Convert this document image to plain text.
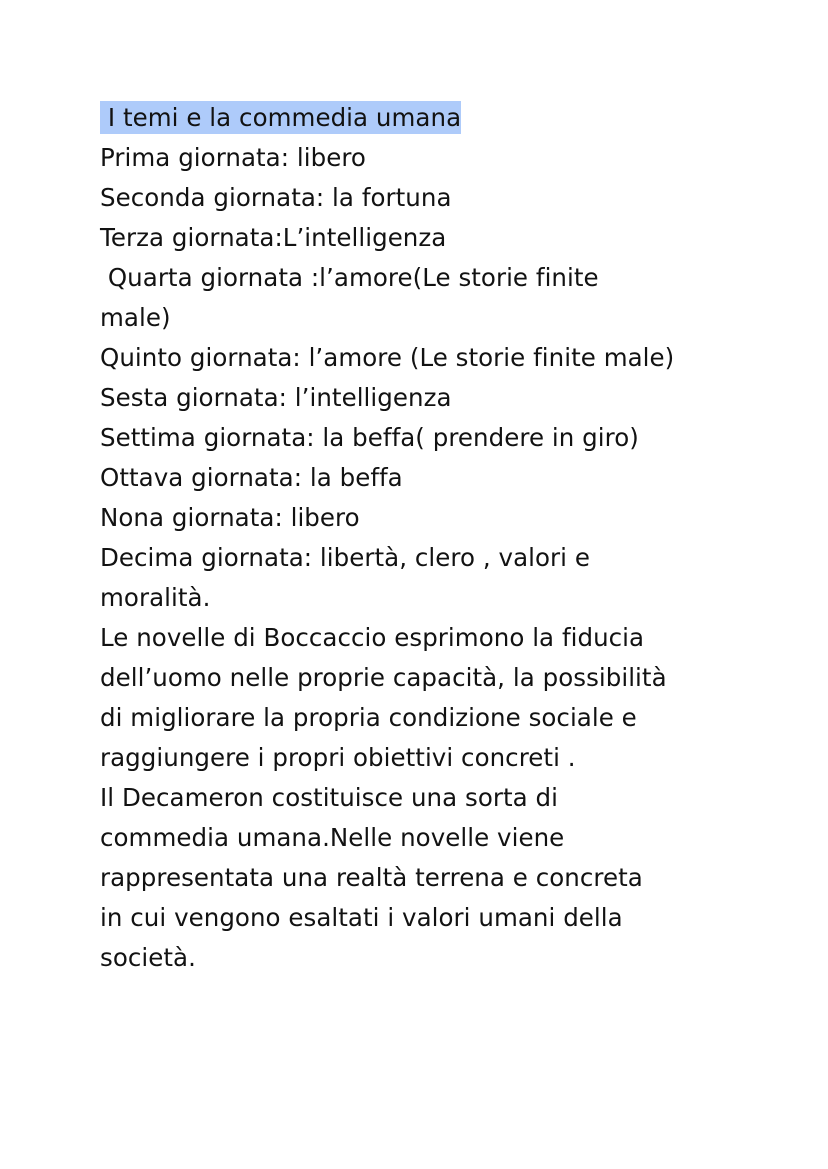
I temi e la commedia umana
Prima giornata: libero
Seconda giornata: la fortuna
Terza giornata:L’intelligenza
Quarta giornata :l’amore(Le storie finite
male)
Quinto giornata: l’amore (Le storie finite male)
Sesta giornata: l’intelligenza
Settima giornata: la beffa( prendere in giro)
Ottava giornata: la beffa
Nona giornata: libero
Decima giornata: libertà, clero , valori e
moralità.
Le novelle di Boccaccio esprimono la fiducia
dell’uomo nelle proprie capacità, la possibilità
di migliorare la propria condizione sociale e
raggiungere i propri obiettivi concreti .
Il Decameron costituisce una sorta di
commedia umana.Nelle novelle viene
rappresentata una realtà terrena e concreta
in cui vengono esaltati i valori umani della
società.
